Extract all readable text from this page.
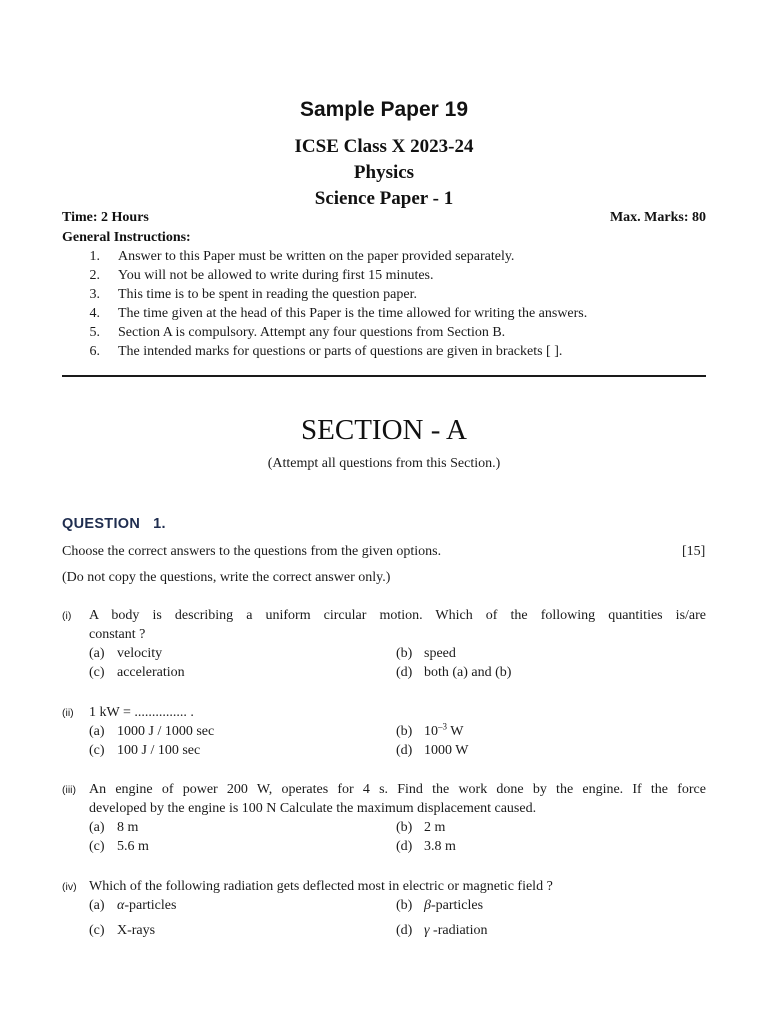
Sample Paper 19
ICSE Class X 2023-24
Physics
Science Paper - 1
Time: 2 Hours	Max. Marks: 80
General Instructions:
1. Answer to this Paper must be written on the paper provided separately.
2. You will not be allowed to write during first 15 minutes.
3. This time is to be spent in reading the question paper.
4. The time given at the head of this Paper is the time allowed for writing the answers.
5. Section A is compulsory. Attempt any four questions from Section B.
6. The intended marks for questions or parts of questions are given in brackets [ ].
SECTION - A
(Attempt all questions from this Section.)
QUESTION   1.
Choose the correct answers to the questions from the given options.	[15]
(Do not copy the questions, write the correct answer only.)
(i) A body is describing a uniform circular motion. Which of the following quantities is/are
constant ?
(a) velocity	(b) speed
(c) acceleration	(d) both (a) and (b)
(ii) 1 kW = ............... .
(a) 1000 J / 1000 sec	(b) $10^{-3}$ W
(c) 100 J / 100 sec	(d) 1000 W
(iii) An engine of power 200 W, operates for 4 s. Find the work done by the engine. If the force
developed by the engine is 100 N Calculate the maximum displacement caused.
(a) 8 m	(b) 2 m
(c) 5.6 m	(d) 3.8 m
(iv) Which of the following radiation gets deflected most in electric or magnetic field ?
(a) α-particles	(b) β-particles
(c) X-rays	(d) γ -radiation
